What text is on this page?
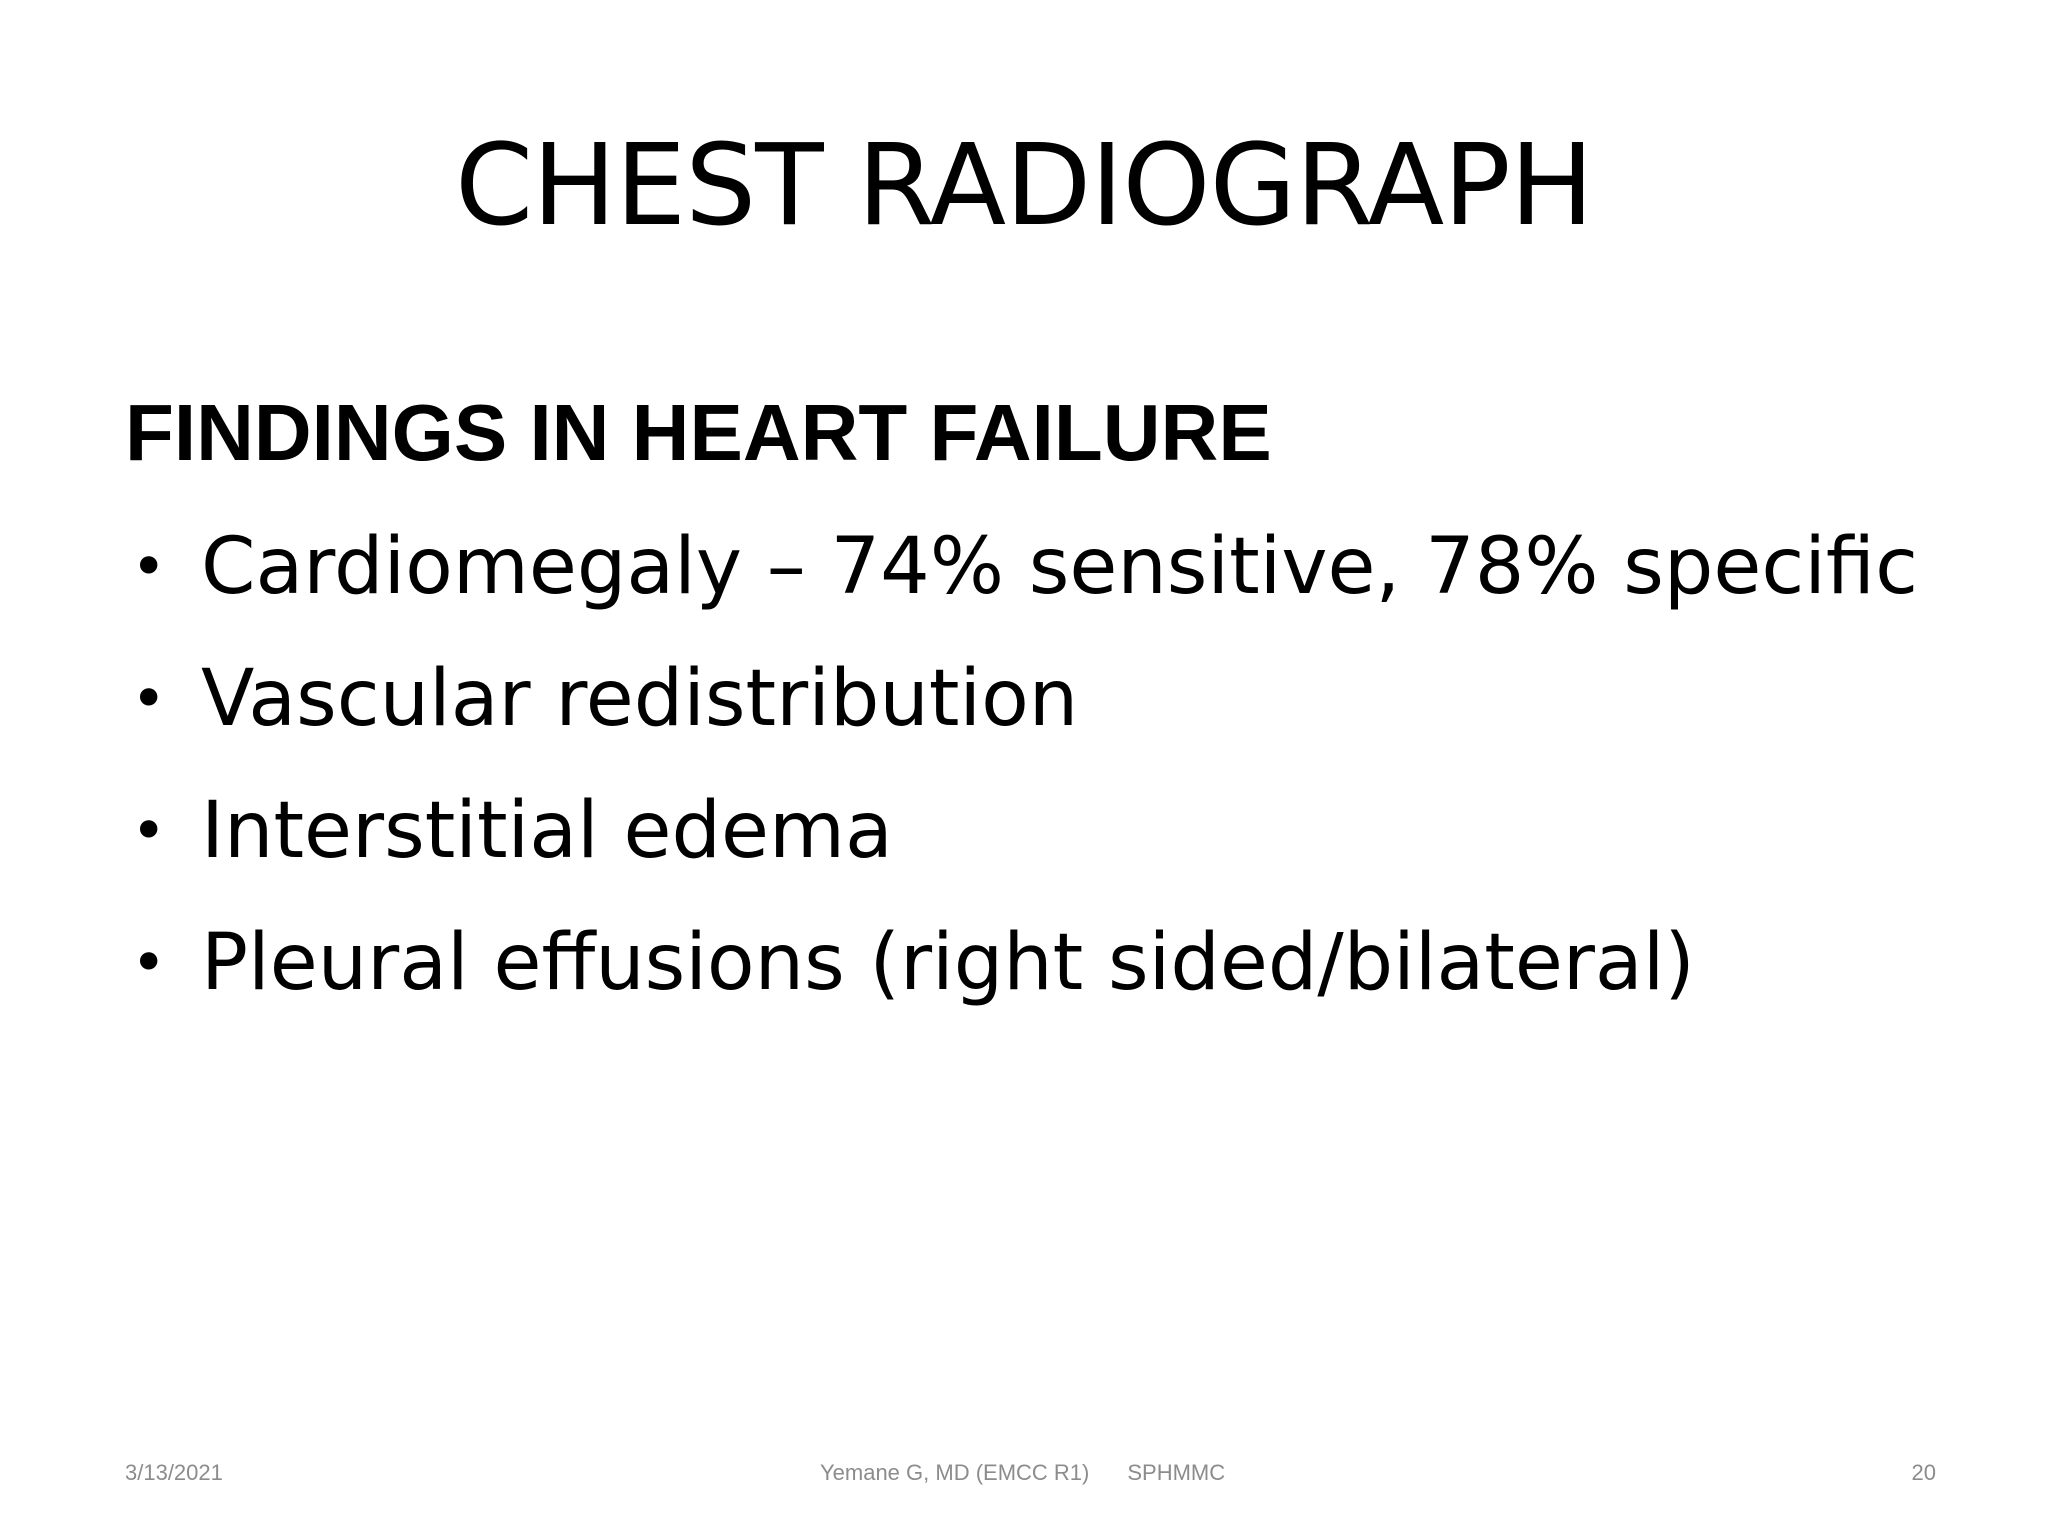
CHEST RADIOGRAPH
FINDINGS IN HEART FAILURE
• Cardiomegaly – 74% sensitive, 78% specific
• Vascular redistribution
• Interstitial edema
• Pleural effusions (right sided/bilateral)
3/13/2021	Yemane G, MD (EMCC R1) SPHMMC	20
